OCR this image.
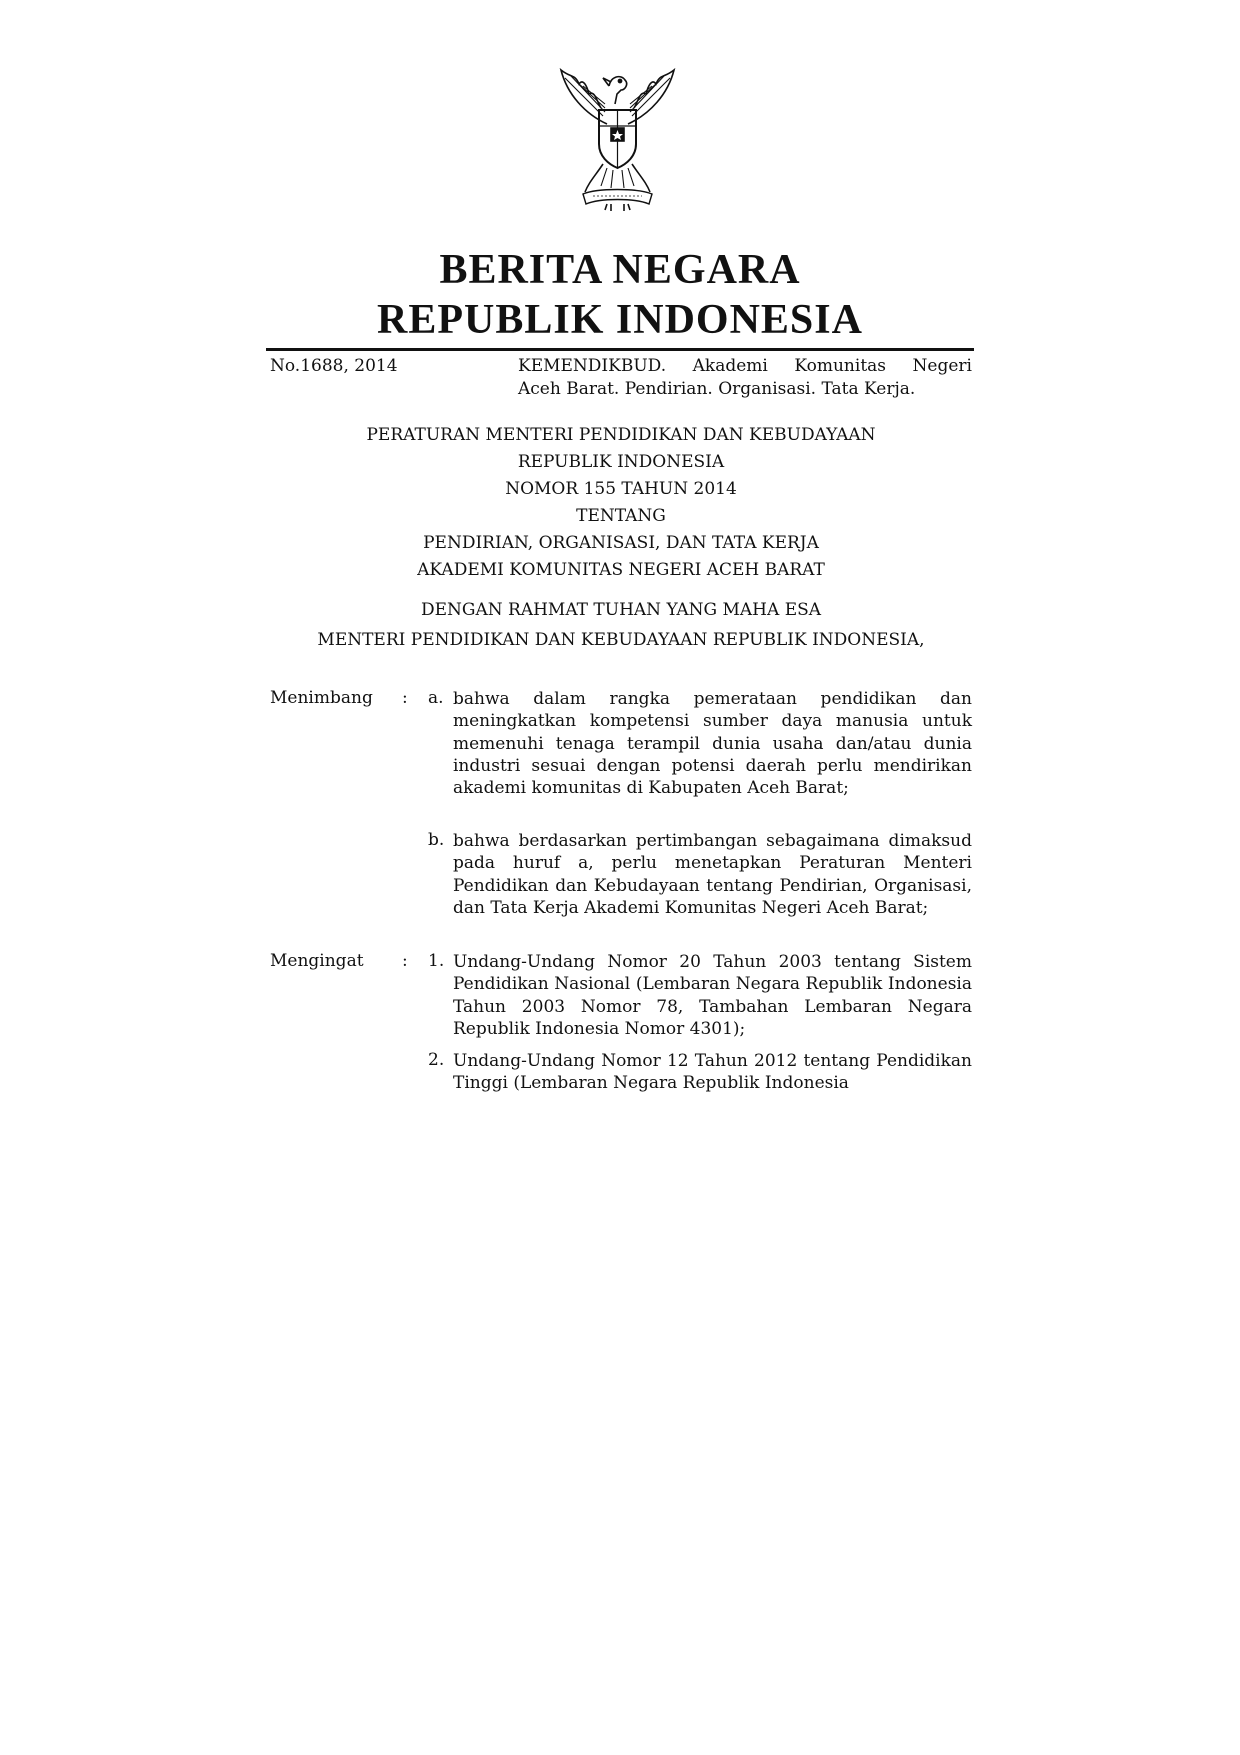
BERITA NEGARA
REPUBLIK INDONESIA
No.1688, 2014	KEMENDIKBUD. Akademi Komunitas Negeri
Aceh Barat. Pendirian. Organisasi. Tata Kerja.
PERATURAN MENTERI PENDIDIKAN DAN KEBUDAYAAN
REPUBLIK INDONESIA
NOMOR 155 TAHUN 2014
TENTANG
PENDIRIAN, ORGANISASI, DAN TATA KERJA
AKADEMI KOMUNITAS NEGERI ACEH BARAT
DENGAN RAHMAT TUHAN YANG MAHA ESA
MENTERI PENDIDIKAN DAN KEBUDAYAAN REPUBLIK INDONESIA,
Menimbang : a. bahwa dalam rangka pemerataan pendidikan dan meningkatkan kompetensi sumber daya manusia untuk memenuhi tenaga terampil dunia usaha dan/atau dunia industri sesuai dengan potensi daerah perlu mendirikan akademi komunitas di Kabupaten Aceh Barat;
b. bahwa berdasarkan pertimbangan sebagaimana dimaksud pada huruf a, perlu menetapkan Peraturan Menteri Pendidikan dan Kebudayaan tentang Pendirian, Organisasi, dan Tata Kerja Akademi Komunitas Negeri Aceh Barat;
Mengingat : 1. Undang-Undang Nomor 20 Tahun 2003 tentang Sistem Pendidikan Nasional (Lembaran Negara Republik Indonesia Tahun 2003 Nomor 78, Tambahan Lembaran Negara Republik Indonesia Nomor 4301);
2. Undang-Undang Nomor 12 Tahun 2012 tentang Pendidikan Tinggi (Lembaran Negara Republik Indonesia
